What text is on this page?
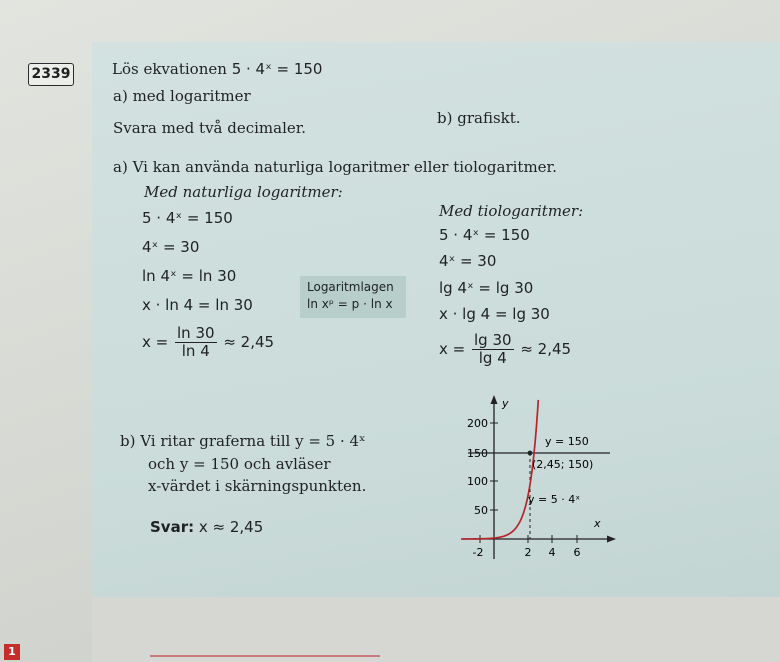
2339	Lös ekvationen 5 · 4ˣ = 150
a) med logaritmer
Svara med två decimaler.
b) grafiskt.
a) Vi kan använda naturliga logaritmer eller tiologaritmer.
Med naturliga logaritmer:
5 · 4ˣ = 150
4ˣ = 30
ln 4ˣ = ln 30
x · ln 4 = ln 30
$x = \frac{\ln 30}{\ln 4} \approx 2,45$
Logaritmlagen
ln xᵖ = p · ln x
Med tiologaritmer:
5 · 4ˣ = 150
4ˣ = 30
lg 4ˣ = lg 30
x · lg 4 = lg 30
$x = \frac{\lg 30}{\lg 4} \approx 2,45$
b) Vi ritar graferna till y = 5 · 4ˣ
och y = 150 och avläser
x-värdet i skärningspunkten.
Svar: x ≈ 2,45
y
x
200
150
100
50
-2	2 4 6
y = 150
(2,45; 150)
y = 5 · 4ˣ
1
